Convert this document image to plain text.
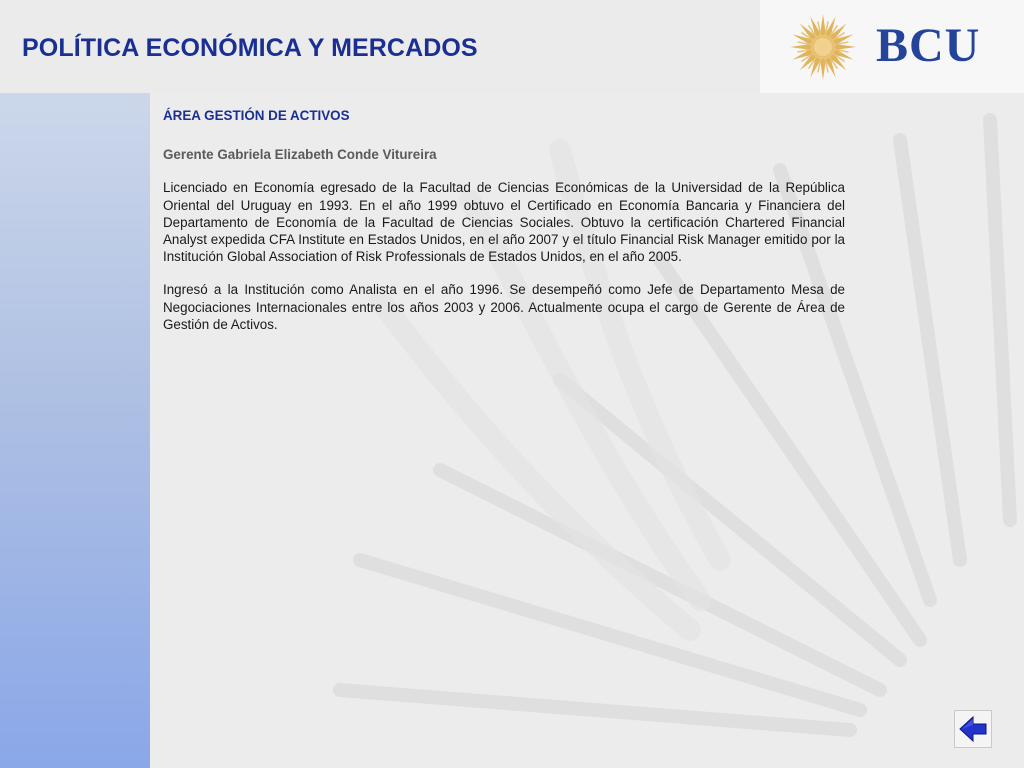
POLÍTICA ECONÓMICA Y MERCADOS	BCU
ÁREA GESTIÓN DE ACTIVOS
Gerente Gabriela Elizabeth Conde Vitureira

Licenciado en Economía egresado de la Facultad de Ciencias Económicas de la Universidad de la República Oriental del Uruguay en 1993. En el año 1999 obtuvo el Certificado en Economía Bancaria y Financiera del Departamento de Economía de la Facultad de Ciencias Sociales. Obtuvo la certificación Chartered Financial Analyst expedida CFA Institute en Estados Unidos, en el año 2007 y el título Financial Risk Manager emitido por la Institución Global Association of Risk Professionals de Estados Unidos, en el año 2005.

Ingresó a la Institución como Analista en el año 1996. Se desempeñó como Jefe de Departamento Mesa de Negociaciones Internacionales entre los años 2003 y 2006. Actualmente ocupa el cargo de Gerente de Área de Gestión de Activos.
